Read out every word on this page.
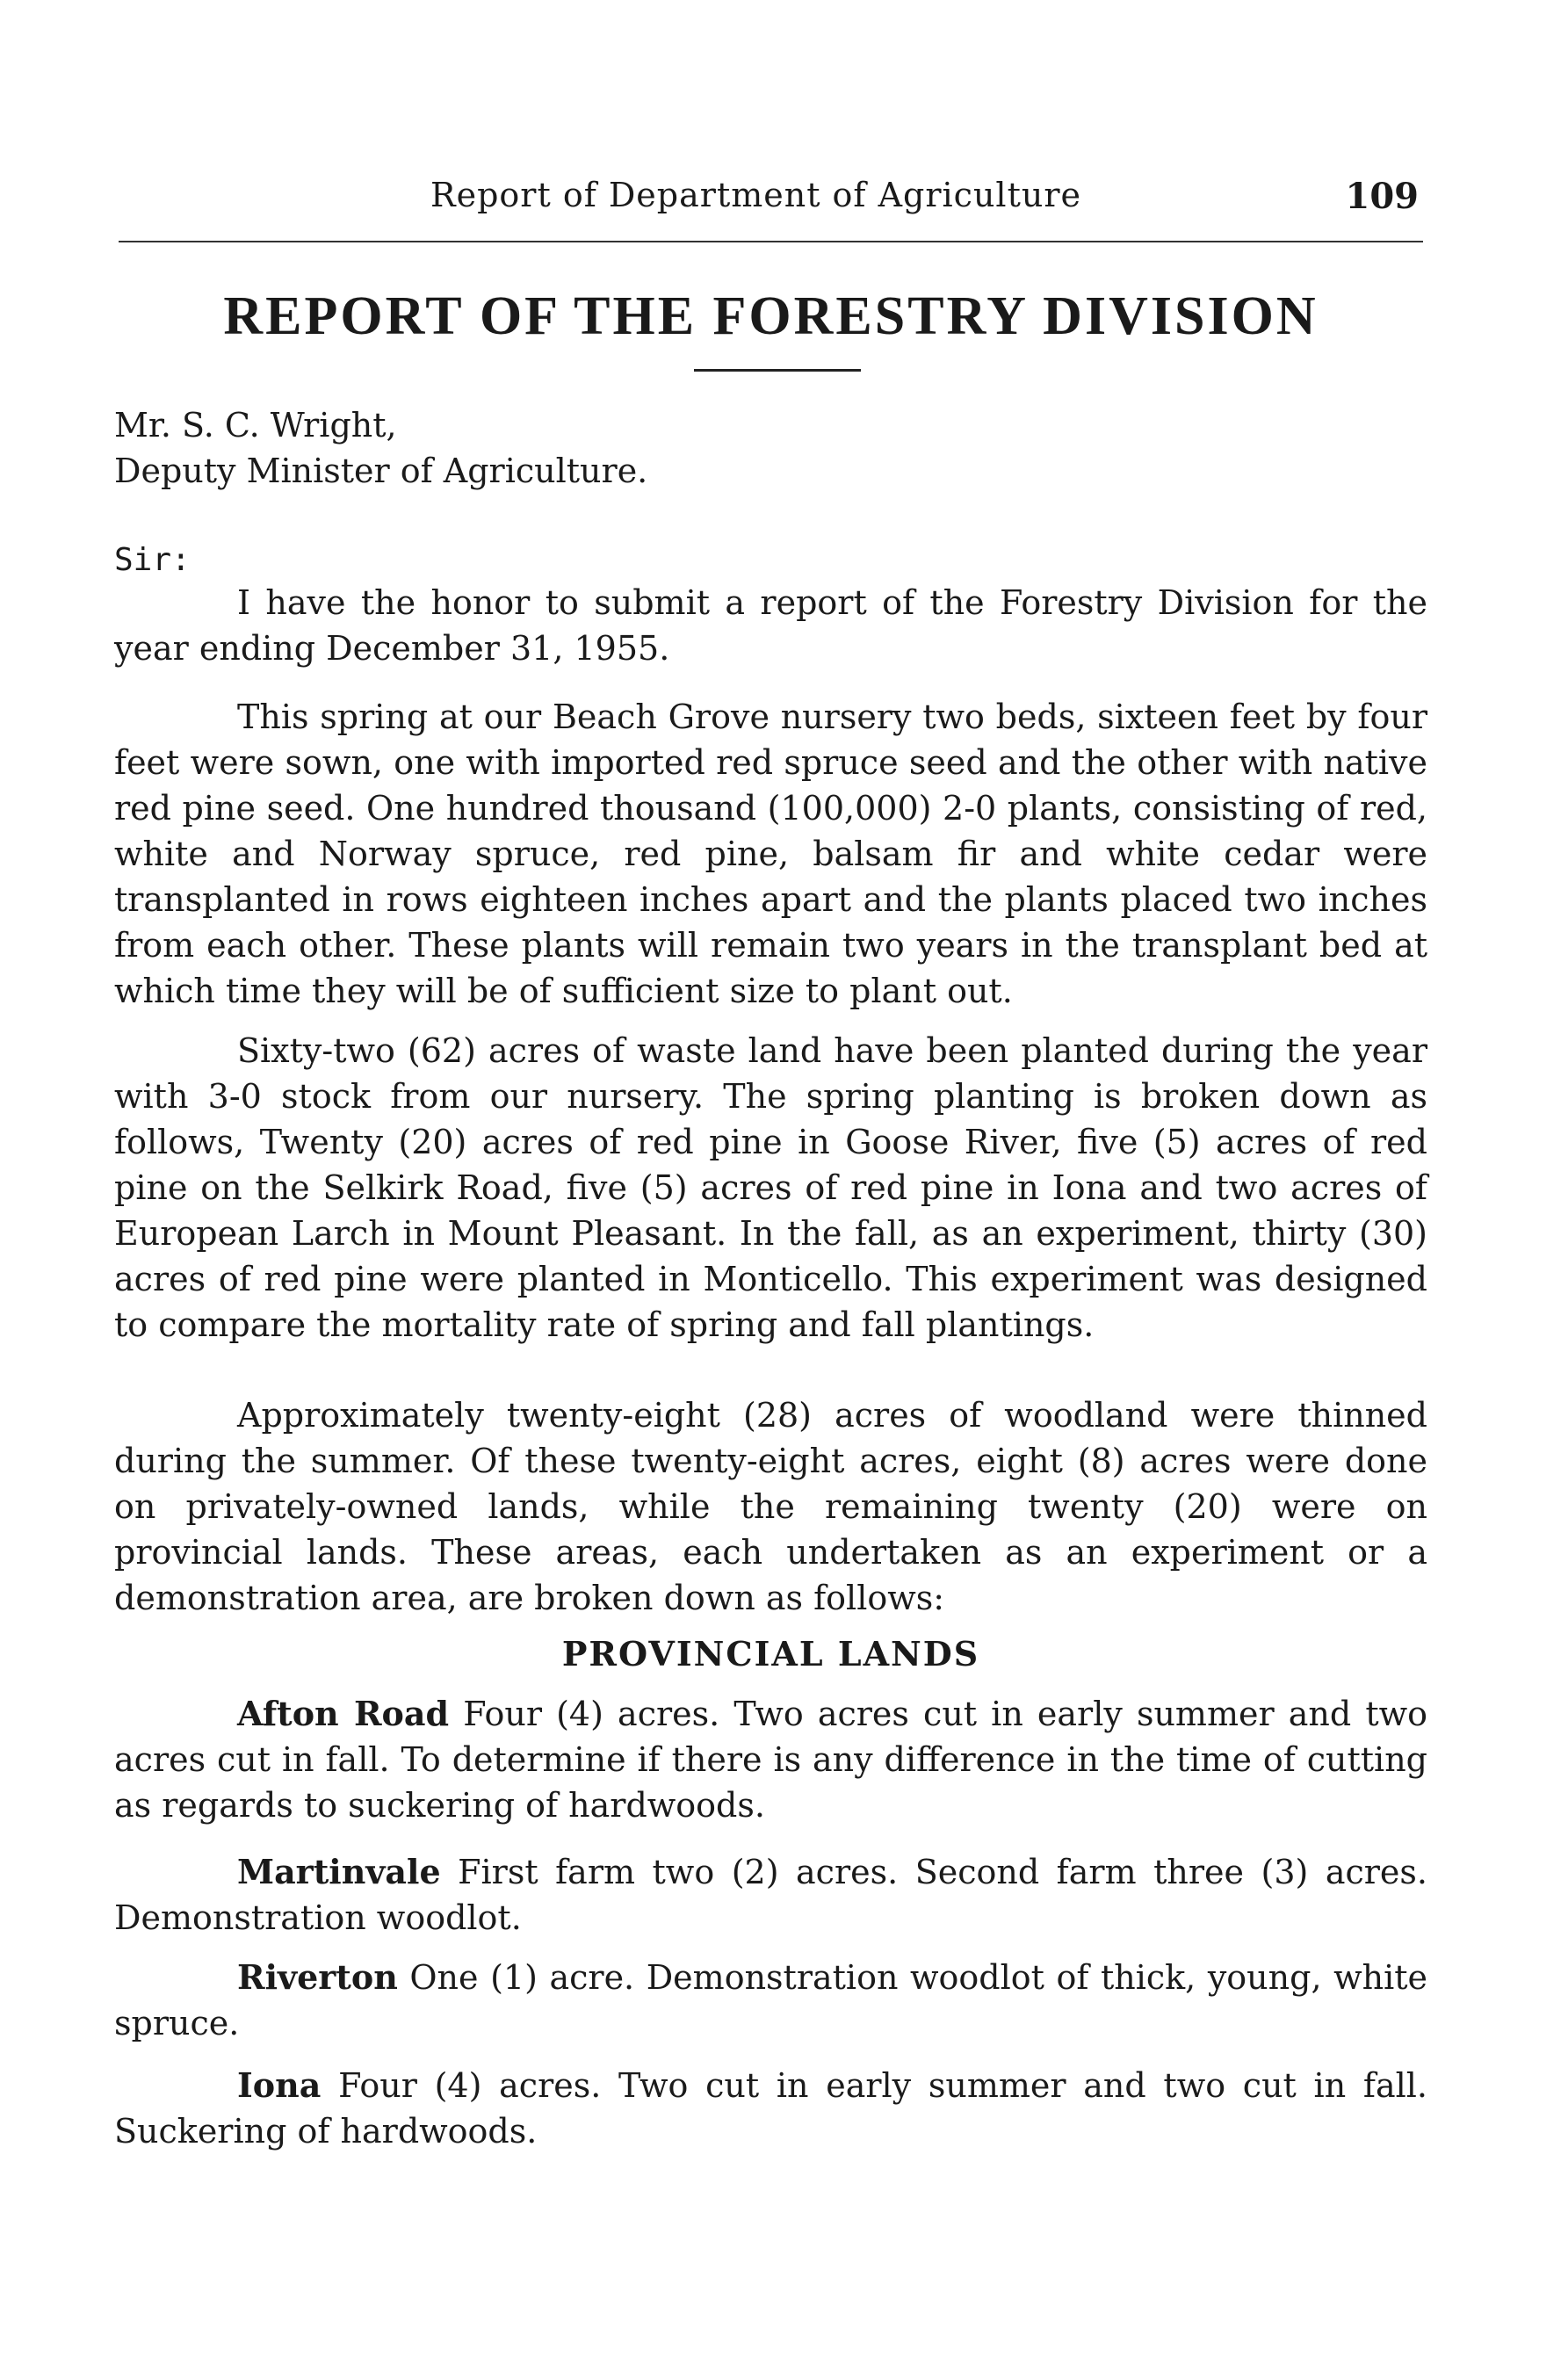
Report of Department of Agriculture	109
REPORT OF THE FORESTRY DIVISION
Mr. S. C. Wright,
Deputy Minister of Agriculture.
Sir:

I have the honor to submit a report of the Forestry Division for the year ending December 31, 1955.

This spring at our Beach Grove nursery two beds, sixteen feet by four feet were sown, one with imported red spruce seed and the other with native red pine seed. One hundred thousand (100,000) 2-0 plants, consisting of red, white and Norway spruce, red pine, balsam fir and white cedar were transplanted in rows eighteen inches apart and the plants placed two inches from each other. These plants will remain two years in the transplant bed at which time they will be of sufficient size to plant out.

Sixty-two (62) acres of waste land have been planted during the year with 3-0 stock from our nursery. The spring planting is broken down as follows, Twenty (20) acres of red pine in Goose River, five (5) acres of red pine on the Selkirk Road, five (5) acres of red pine in Iona and two acres of European Larch in Mount Pleasant. In the fall, as an experiment, thirty (30) acres of red pine were planted in Monticello. This experiment was designed to compare the mortality rate of spring and fall plantings.

Approximately twenty-eight (28) acres of woodland were thinned during the summer. Of these twenty-eight acres, eight (8) acres were done on privately-owned lands, while the remaining twenty (20) were on provincial lands. These areas, each undertaken as an experiment or a demonstration area, are broken down as follows:

PROVINCIAL LANDS

Afton Road Four (4) acres. Two acres cut in early summer and two acres cut in fall. To determine if there is any difference in the time of cutting as regards to suckering of hardwoods.

Martinvale First farm two (2) acres. Second farm three (3) acres. Demonstration woodlot.

Riverton One (1) acre. Demonstration woodlot of thick, young, white spruce.

Iona Four (4) acres. Two cut in early summer and two cut in fall. Suckering of hardwoods.
